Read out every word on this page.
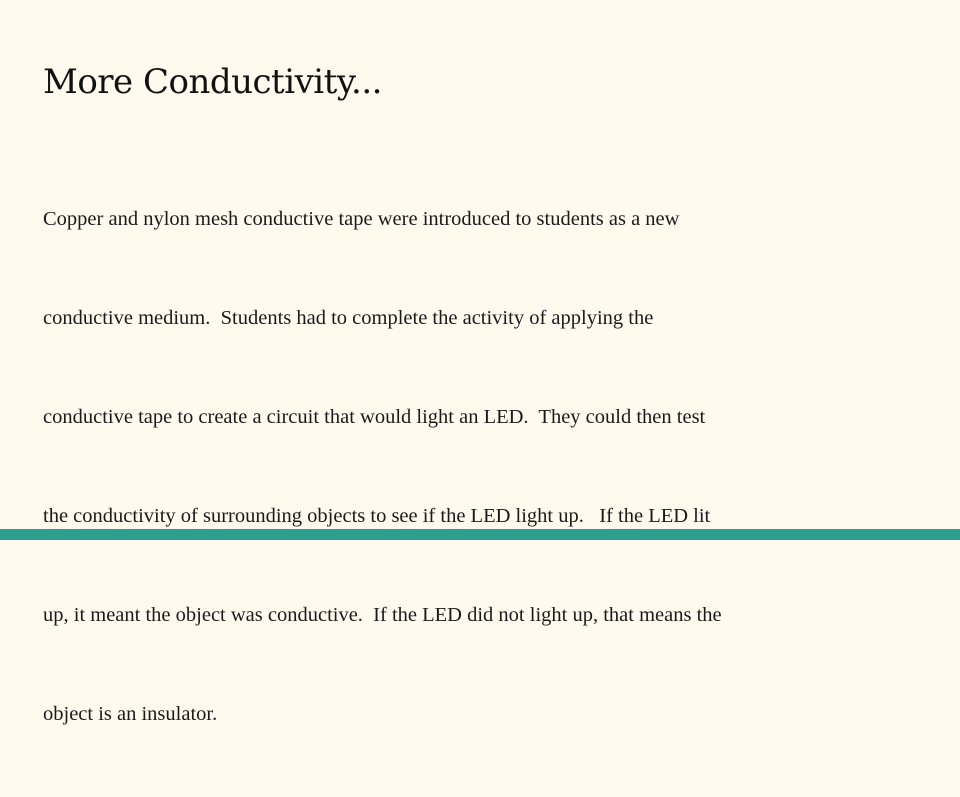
More Conductivity...

Copper and nylon mesh conductive tape were introduced to students as a new

conductive medium.  Students had to complete the activity of applying the

conductive tape to create a circuit that would light an LED.  They could then test

the conductivity of surrounding objects to see if the LED light up.   If the LED lit

up, it meant the object was conductive.  If the LED did not light up, that means the

object is an insulator.
